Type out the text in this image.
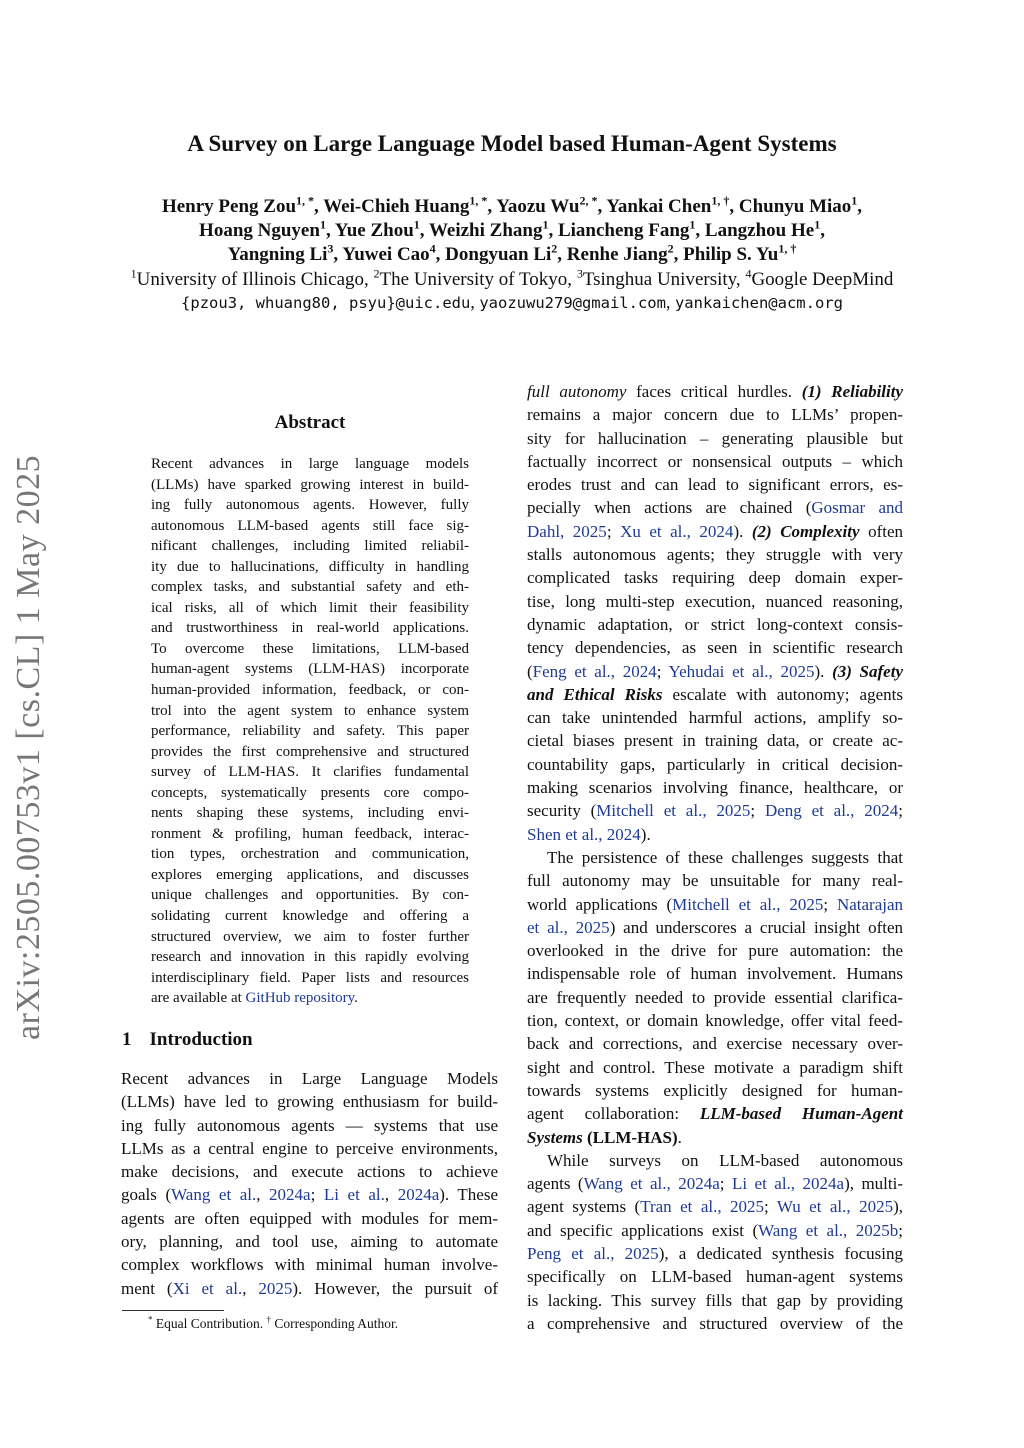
arXiv:2505.00753v1 [cs.CL] 1 May 2025
A Survey on Large Language Model based Human-Agent Systems
Henry Peng Zou$^{1, *}$, Wei-Chieh Huang$^{1, *}$, Yaozu $Wu^{2, *}$, Yankai Chen$^{1, \dagger}$, Chunyu Miao$^1$,
Hoang Nguyen$^1$, Yue Zhou$^1$, Weizhi Zhang$^1$, Liancheng Fang$^1$, Langzhou He$^1$,
Yangning Li$^3$, Yuwei Cao$^4$, Dongyuan Li$^2$, Renhe Jiang$^2$, Philip S. $Yu^{1, \dagger}$
$^1$University of Illinois Chicago, $^2$The University of Tokyo, $^3$Tsinghua University, $^4$Google DeepMind
{pzou3, whuang80, psyu}@uic.edu, yaozuwu279@gmail.com, yankaichen@acm.org
Abstract
Recent advances in large language models
(LLMs) have sparked growing interest in build-
ing fully autonomous agents. However, fully
autonomous LLM-based agents still face sig-
nificant challenges, including limited reliabil-
ity due to hallucinations, difficulty in handling
complex tasks, and substantial safety and eth-
ical risks, all of which limit their feasibility
and trustworthiness in real-world applications.
To overcome these limitations, LLM-based
human-agent systems (LLM-HAS) incorporate
human-provided information, feedback, or con-
trol into the agent system to enhance system
performance, reliability and safety. This paper
provides the first comprehensive and structured
survey of LLM-HAS. It clarifies fundamental
concepts, systematically presents core compo-
nents shaping these systems, including envi-
ronment & profiling, human feedback, interac-
tion types, orchestration and communication,
explores emerging applications, and discusses
unique challenges and opportunities. By con-
solidating current knowledge and offering a
structured overview, we aim to foster further
research and innovation in this rapidly evolving
interdisciplinary field. Paper lists and resources
are available at GitHub repository.
1 Introduction
Recent advances in Large Language Models
(LLMs) have led to growing enthusiasm for build-
ing fully autonomous agents — systems that use
LLMs as a central engine to perceive environments,
make decisions, and execute actions to achieve
goals (Wang et al., 2024a; Li et al., 2024a). These
agents are often equipped with modules for mem-
ory, planning, and tool use, aiming to automate
complex workflows with minimal human involve-
ment (Xi et al., 2025). However, the pursuit of
* Equal Contribution. † Corresponding Author.
full autonomy faces critical hurdles. (1) Reliability
remains a major concern due to LLMs’ propen-
sity for hallucination – generating plausible but
factually incorrect or nonsensical outputs – which
erodes trust and can lead to significant errors, es-
pecially when actions are chained (Gosmar and
Dahl, 2025; Xu et al., 2024). (2) Complexity often
stalls autonomous agents; they struggle with very
complicated tasks requiring deep domain exper-
tise, long multi-step execution, nuanced reasoning,
dynamic adaptation, or strict long-context consis-
tency dependencies, as seen in scientific research
(Feng et al., 2024; Yehudai et al., 2025). (3) Safety
and Ethical Risks escalate with autonomy; agents
can take unintended harmful actions, amplify so-
cietal biases present in training data, or create ac-
countability gaps, particularly in critical decision-
making scenarios involving finance, healthcare, or
security (Mitchell et al., 2025; Deng et al., 2024;
Shen et al., 2024).
The persistence of these challenges suggests that
full autonomy may be unsuitable for many real-
world applications (Mitchell et al., 2025; Natarajan
et al., 2025) and underscores a crucial insight often
overlooked in the drive for pure automation: the
indispensable role of human involvement. Humans
are frequently needed to provide essential clarifica-
tion, context, or domain knowledge, offer vital feed-
back and corrections, and exercise necessary over-
sight and control. These motivate a paradigm shift
towards systems explicitly designed for human-
agent collaboration: LLM-based Human-Agent
Systems (LLM-HAS).
While surveys on LLM-based autonomous
agents (Wang et al., 2024a; Li et al., 2024a), multi-
agent systems (Tran et al., 2025; Wu et al., 2025),
and specific applications exist (Wang et al., 2025b;
Peng et al., 2025), a dedicated synthesis focusing
specifically on LLM-based human-agent systems
is lacking. This survey fills that gap by providing
a comprehensive and structured overview of the
